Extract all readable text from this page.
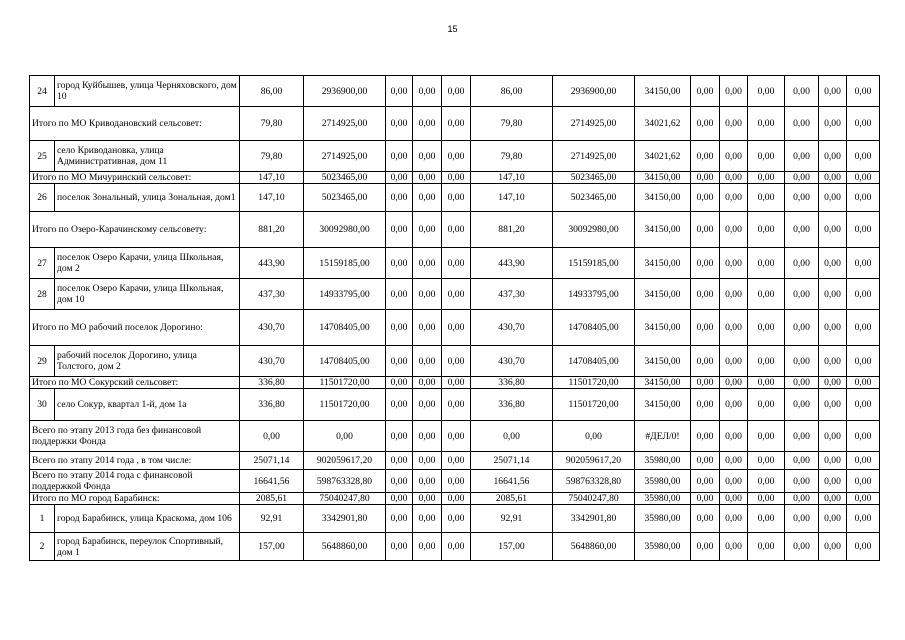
15
24	город Куйбышев, улица Черняховского, дом 10	86,00	2936900,00	0,00	0,00	0,00	86,00	2936900,00	34150,00	0,00	0,00	0,00	0,00	0,00	0,00
Итого по МО Криводановский сельсовет:		79,80	2714925,00	0,00	0,00	0,00	79,80	2714925,00	34021,62	0,00	0,00	0,00	0,00	0,00	0,00
25	село Криводановка, улица Административная, дом 11	79,80	2714925,00	0,00	0,00	0,00	79,80	2714925,00	34021,62	0,00	0,00	0,00	0,00	0,00	0,00
Итого по МО Мичуринский сельсовет:		147,10	5023465,00	0,00	0,00	0,00	147,10	5023465,00	34150,00	0,00	0,00	0,00	0,00	0,00	0,00
26	поселок Зональный, улица Зональная, дом1	147,10	5023465,00	0,00	0,00	0,00	147,10	5023465,00	34150,00	0,00	0,00	0,00	0,00	0,00	0,00
Итого по Озеро-Карачинскому сельсовету:		881,20	30092980,00	0,00	0,00	0,00	881,20	30092980,00	34150,00	0,00	0,00	0,00	0,00	0,00	0,00
27	поселок Озеро Карачи, улица Школьная, дом 2	443,90	15159185,00	0,00	0,00	0,00	443,90	15159185,00	34150,00	0,00	0,00	0,00	0,00	0,00	0,00
28	поселок Озеро Карачи, улица Школьная, дом 10	437,30	14933795,00	0,00	0,00	0,00	437,30	14933795,00	34150,00	0,00	0,00	0,00	0,00	0,00	0,00
Итого по МО рабочий поселок Дорогино:		430,70	14708405,00	0,00	0,00	0,00	430,70	14708405,00	34150,00	0,00	0,00	0,00	0,00	0,00	0,00
29	рабочий поселок Дорогино, улица Толстого, дом 2	430,70	14708405,00	0,00	0,00	0,00	430,70	14708405,00	34150,00	0,00	0,00	0,00	0,00	0,00	0,00
Итого по МО Сокурский сельсовет:		336,80	11501720,00	0,00	0,00	0,00	336,80	11501720,00	34150,00	0,00	0,00	0,00	0,00	0,00	0,00
30	село Сокур, квартал 1-й, дом 1а	336,80	11501720,00	0,00	0,00	0,00	336,80	11501720,00	34150,00	0,00	0,00	0,00	0,00	0,00	0,00
Всего по этапу 2013 года без финансовой поддержки Фонда		0,00	0,00	0,00	0,00	0,00	0,00	0,00	#ДЕЛ/0!	0,00	0,00	0,00	0,00	0,00	0,00
Всего по этапу 2014 года , в том числе:		25071,14	902059617,20	0,00	0,00	0,00	25071,14	902059617,20	35980,00	0,00	0,00	0,00	0,00	0,00	0,00
Всего по этапу 2014 года с финансовой поддержкой Фонда		16641,56	598763328,80	0,00	0,00	0,00	16641,56	598763328,80	35980,00	0,00	0,00	0,00	0,00	0,00	0,00
Итого по МО город Барабинск:		2085,61	75040247,80	0,00	0,00	0,00	2085,61	75040247,80	35980,00	0,00	0,00	0,00	0,00	0,00	0,00
1	город Барабинск, улица Краскома, дом 106	92,91	3342901,80	0,00	0,00	0,00	92,91	3342901,80	35980,00	0,00	0,00	0,00	0,00	0,00	0,00
2	город Барабинск, переулок Спортивный, дом 1	157,00	5648860,00	0,00	0,00	0,00	157,00	5648860,00	35980,00	0,00	0,00	0,00	0,00	0,00	0,00
